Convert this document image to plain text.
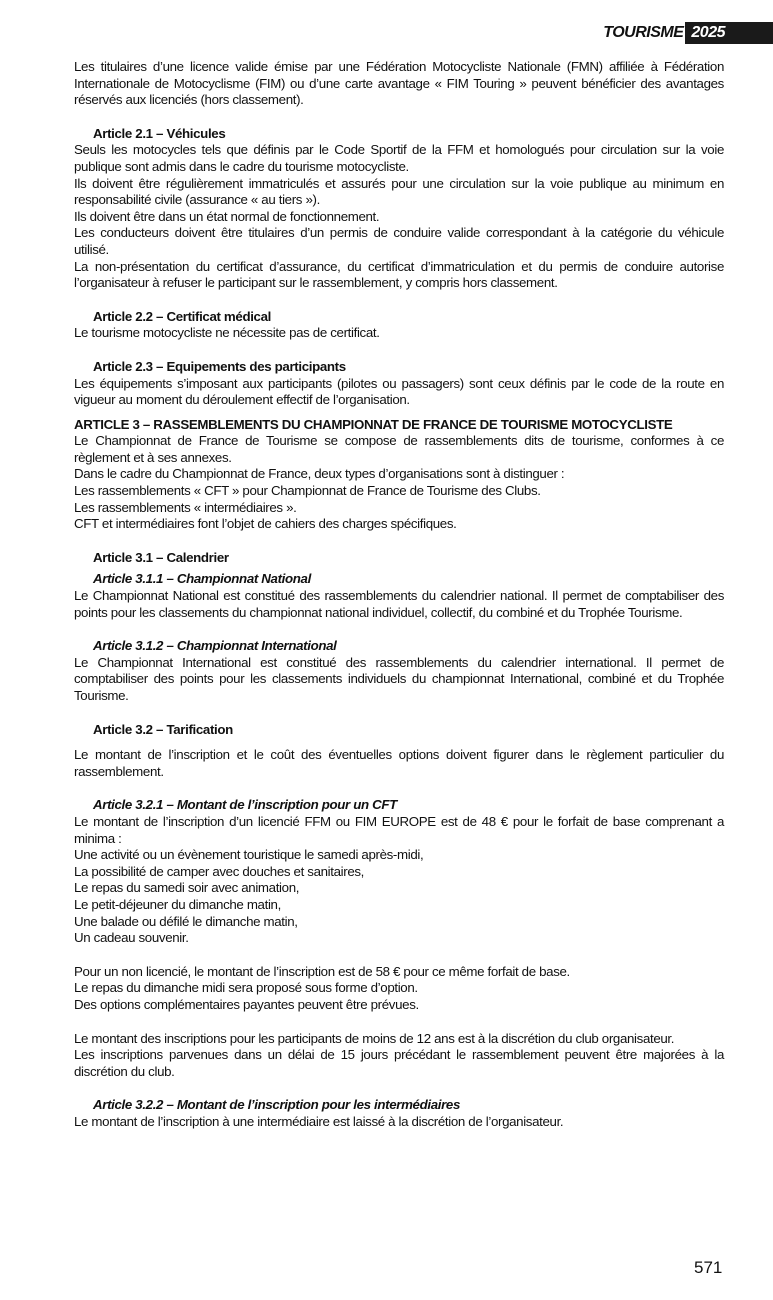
TOURISME 2025

Les titulaires d’une licence valide émise par une Fédération Motocycliste Nationale (FMN) affiliée à Fédération Internationale de Motocyclisme (FIM) ou d’une carte avantage « FIM Touring » peuvent bénéficier des avantages réservés aux licenciés (hors classement).

Article 2.1 – Véhicules

Seuls les motocycles tels que définis par le Code Sportif de la FFM et homologués pour circulation sur la voie publique sont admis dans le cadre du tourisme motocycliste.

Ils doivent être régulièrement immatriculés et assurés pour une circulation sur la voie publique au minimum en responsabilité civile (assurance « au tiers »).

Ils doivent être dans un état normal de fonctionnement.

Les conducteurs doivent être titulaires d’un permis de conduire valide correspondant à la catégorie du véhicule utilisé.

La non-présentation du certificat d’assurance, du certificat d’immatriculation et du permis de conduire autorise l’organisateur à refuser le participant sur le rassemblement, y compris hors classement.

Article 2.2 – Certificat médical

Le tourisme motocycliste ne nécessite pas de certificat.

Article 2.3 – Equipements des participants

Les équipements s’imposant aux participants (pilotes ou passagers) sont ceux définis par le code de la route en vigueur au moment du déroulement effectif de l’organisation.

ARTICLE 3 – RASSEMBLEMENTS DU CHAMPIONNAT DE FRANCE DE TOURISME MOTOCYCLISTE

Le Championnat de France de Tourisme se compose de rassemblements dits de tourisme, conformes à ce règlement et à ses annexes.

Dans le cadre du Championnat de France, deux types d’organisations sont à distinguer :

Les rassemblements « CFT » pour Championnat de France de Tourisme des Clubs.

Les rassemblements « intermédiaires ».

CFT et intermédiaires font l’objet de cahiers des charges spécifiques.

Article 3.1 – Calendrier

Article 3.1.1 – Championnat National

Le Championnat National est constitué des rassemblements du calendrier national. Il permet de comptabiliser des points pour les classements du championnat national individuel, collectif, du combiné et du Trophée Tourisme.

Article 3.1.2 – Championnat International

Le Championnat International est constitué des rassemblements du calendrier international. Il permet de comptabiliser des points pour les classements individuels du championnat International, combiné et du Trophée Tourisme.

Article 3.2 – Tarification

Le montant de l’inscription et le coût des éventuelles options doivent figurer dans le règlement particulier du rassemblement.

Article 3.2.1 – Montant de l’inscription pour un CFT

Le montant de l’inscription d’un licencié FFM ou FIM EUROPE est de 48 € pour le forfait de base comprenant a minima :

Une activité ou un évènement touristique le samedi après-midi,

La possibilité de camper avec douches et sanitaires,

Le repas du samedi soir avec animation,

Le petit-déjeuner du dimanche matin,

Une balade ou défilé le dimanche matin,

Un cadeau souvenir.

Pour un non licencié, le montant de l’inscription est de 58 € pour ce même forfait de base.

Le repas du dimanche midi sera proposé sous forme d’option.

Des options complémentaires payantes peuvent être prévues.

Le montant des inscriptions pour les participants de moins de 12 ans est à la discrétion du club organisateur.

Les inscriptions parvenues dans un délai de 15 jours précédant le rassemblement peuvent être majorées à la discrétion du club.

Article 3.2.2 – Montant de l’inscription pour les intermédiaires

Le montant de l’inscription à une intermédiaire est laissé à la discrétion de l’organisateur.

571
